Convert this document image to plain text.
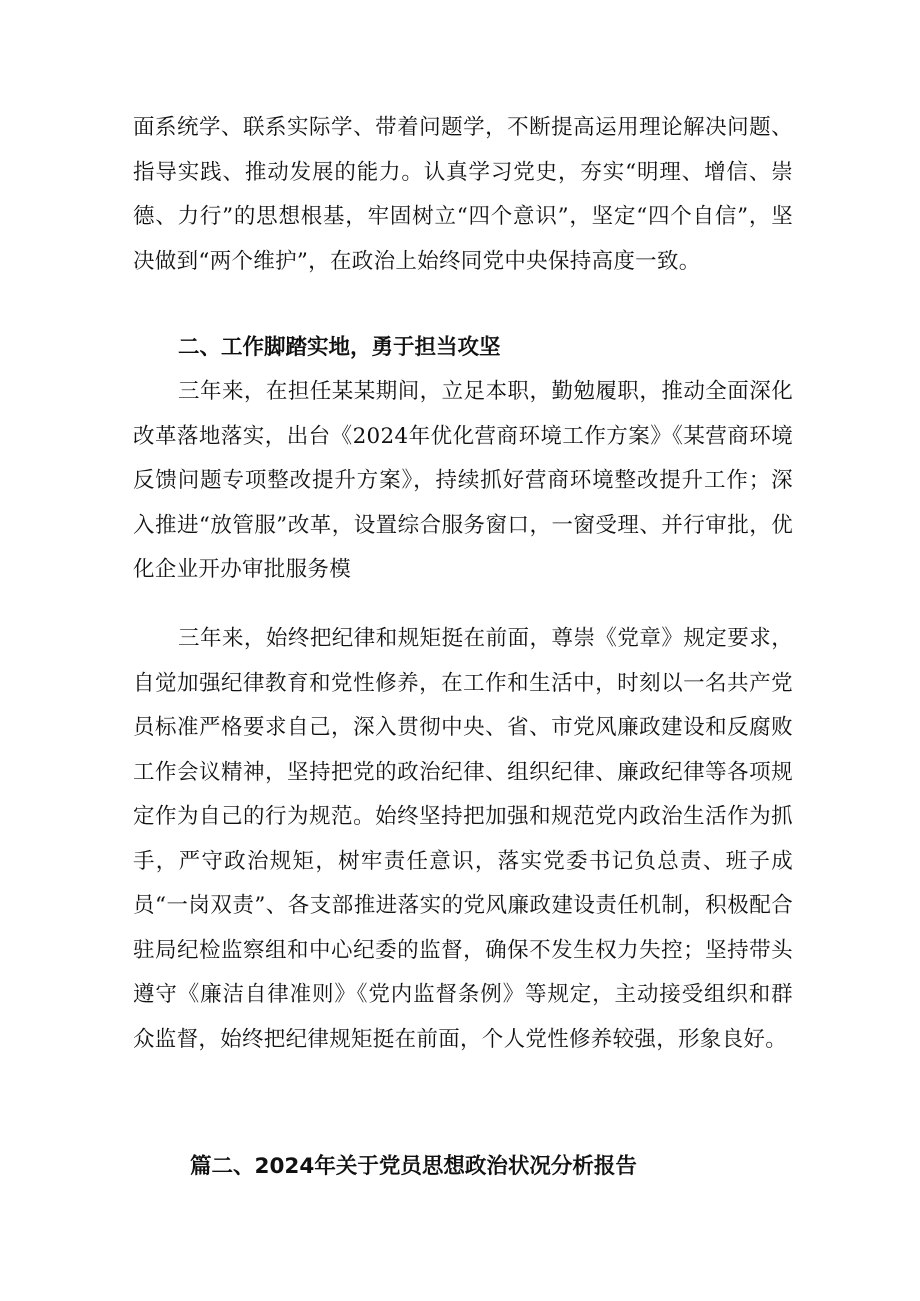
面系统学、联系实际学、带着问题学，不断提高运用理论解决问题、指导实践、推动发展的能力。认真学习党史，夯实“明理、增信、崇德、力行”的思想根基，牢固树立“四个意识”，坚定“四个自信”，坚决做到“两个维护”，在政治上始终同党中央保持高度一致。

二、工作脚踏实地，勇于担当攻坚

三年来，在担任某某期间，立足本职，勤勉履职，推动全面深化改革落地落实，出台《2024年优化营商环境工作方案》《某营商环境反馈问题专项整改提升方案》，持续抓好营商环境整改提升工作；深入推进“放管服”改革，设置综合服务窗口，一窗受理、并行审批，优化企业开办审批服务模

三年来，始终把纪律和规矩挺在前面，尊崇《党章》规定要求，自觉加强纪律教育和党性修养，在工作和生活中，时刻以一名共产党员标准严格要求自己，深入贯彻中央、省、市党风廉政建设和反腐败工作会议精神，坚持把党的政治纪律、组织纪律、廉政纪律等各项规定作为自己的行为规范。始终坚持把加强和规范党内政治生活作为抓手，严守政治规矩，树牢责任意识，落实党委书记负总责、班子成员“一岗双责”、各支部推进落实的党风廉政建设责任机制，积极配合驻局纪检监察组和中心纪委的监督，确保不发生权力失控；坚持带头遵守《廉洁自律准则》《党内监督条例》等规定，主动接受组织和群众监督，始终把纪律规矩挺在前面，个人党性修养较强，形象良好。

篇二、2024年关于党员思想政治状况分析报告
